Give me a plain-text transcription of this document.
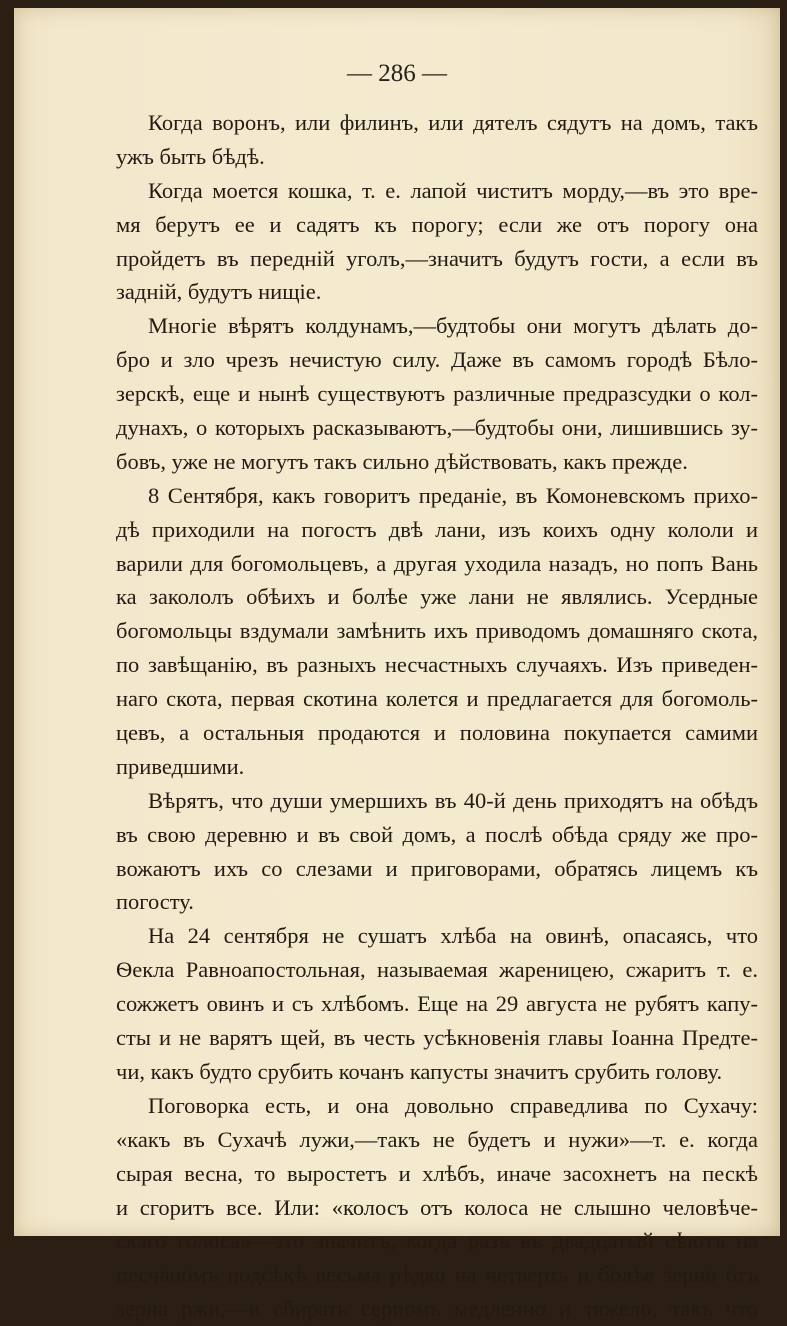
— 286 —
Когда воронъ, или филинъ, или дятелъ сядутъ на домъ, такъ
ужъ быть бѣдѣ.
Когда моется кошка, т. е. лапой чиститъ морду,—въ это вре-
мя берутъ ее и садятъ къ порогу; если же отъ порогу она
пройдетъ въ передній уголъ,—значитъ будутъ гости, а если въ
задній, будутъ нищіе.
Многіе вѣрятъ колдунамъ,—будтобы они могутъ дѣлать до-
бро и зло чрезъ нечистую силу. Даже въ самомъ городѣ Бѣло-
зерскѣ, еще и нынѣ существуютъ различные предразсудки о кол-
дунахъ, о которыхъ расказываютъ,—будтобы они, лишившись зу-
бовъ, уже не могутъ такъ сильно дѣйствовать, какъ прежде.
8 Сентября, какъ говоритъ преданіе, въ Комоневскомъ прихо-
дѣ приходили на погостъ двѣ лани, изъ коихъ одну кололи и
варили для богомольцевъ, а другая уходила назадъ, но попъ Вань
ка закололъ обѣихъ и болѣе уже лани не являлись. Усердные
богомольцы вздумали замѣнить ихъ приводомъ домашняго скота,
по завѣщанію, въ разныхъ несчастныхъ случаяхъ. Изъ приведен-
наго скота, первая скотина колется и предлагается для богомоль-
цевъ, а остальныя продаются и половина покупается самими
приведшими.
Вѣрятъ, что души умершихъ въ 40-й день приходятъ на обѣдъ
въ свою деревню и въ свой домъ, а послѣ обѣда сряду же про-
вожаютъ ихъ со слезами и приговорами, обратясь лицемъ къ
погосту.
На 24 сентября не сушатъ хлѣба на овинѣ, опасаясь, что
Ѳекла Равноапостольная, называемая жареницею, сжаритъ т. е.
сожжетъ овинъ и съ хлѣбомъ. Еще на 29 августа не рубятъ капу-
сты и не варятъ щей, въ честь усѣкновенія главы Іоанна Предте-
чи, какъ будто срубить кочанъ капусты значитъ срубить голову.
Поговорка есть, и она довольно справедлива по Сухачу:
«какъ въ Сухачѣ лужи,—такъ не будетъ и нужи»—т. е. когда
сырая весна, то выростетъ и хлѣбъ, иначе засохнетъ на пескѣ
и сгоритъ все. Или: «колосъ отъ колоса не слышно человѣче-
скаго голоса»—это значитъ, когда разъ въ двадцатый сѣютъ на
песчаномъ подсѣкѣ весьма рѣдко на четверть и болѣе зерно отъ
зерна ржи,—и сбирать серпомъ медленно и тяжело, такъ что
